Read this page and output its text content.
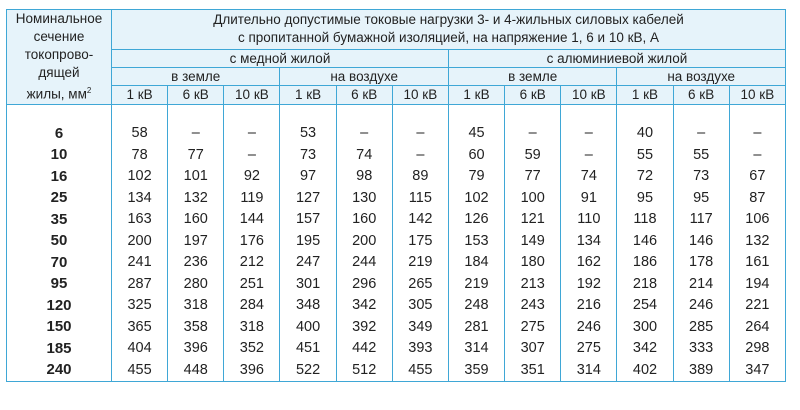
Номинальное
сечение
токопрово-
дящей
жилы, $мм^2$	Длительно допустимые токовые нагрузки 3- и 4-жильных силовых кабелей
с пропитанной бумажной изоляцией, на напряжение 1, 6 и 10 кВ, А											
	с медной жилой						с алюминиевой жилой					
	в земле			на воздухе			в земле			на воздухе		
	1 кВ	6 кВ	10 кВ	1 кВ	6 кВ	10 кВ	1 кВ	6 кВ	10 кВ	1 кВ	6 кВ	10 кВ

6	58	–	–	53	–	–	45	–	–	40	–	–
10	78	77	–	73	74	–	60	59	–	55	55	–
16	102	101	92	97	98	89	79	77	74	72	73	67
25	134	132	119	127	130	115	102	100	91	95	95	87
35	163	160	144	157	160	142	126	121	110	118	117	106
50	200	197	176	195	200	175	153	149	134	146	146	132
70	241	236	212	247	244	219	184	180	162	186	178	161
95	287	280	251	301	296	265	219	213	192	218	214	194
120	325	318	284	348	342	305	248	243	216	254	246	221
150	365	358	318	400	392	349	281	275	246	300	285	264
185	404	396	352	451	442	393	314	307	275	342	333	298
240	455	448	396	522	512	455	359	351	314	402	389	347
